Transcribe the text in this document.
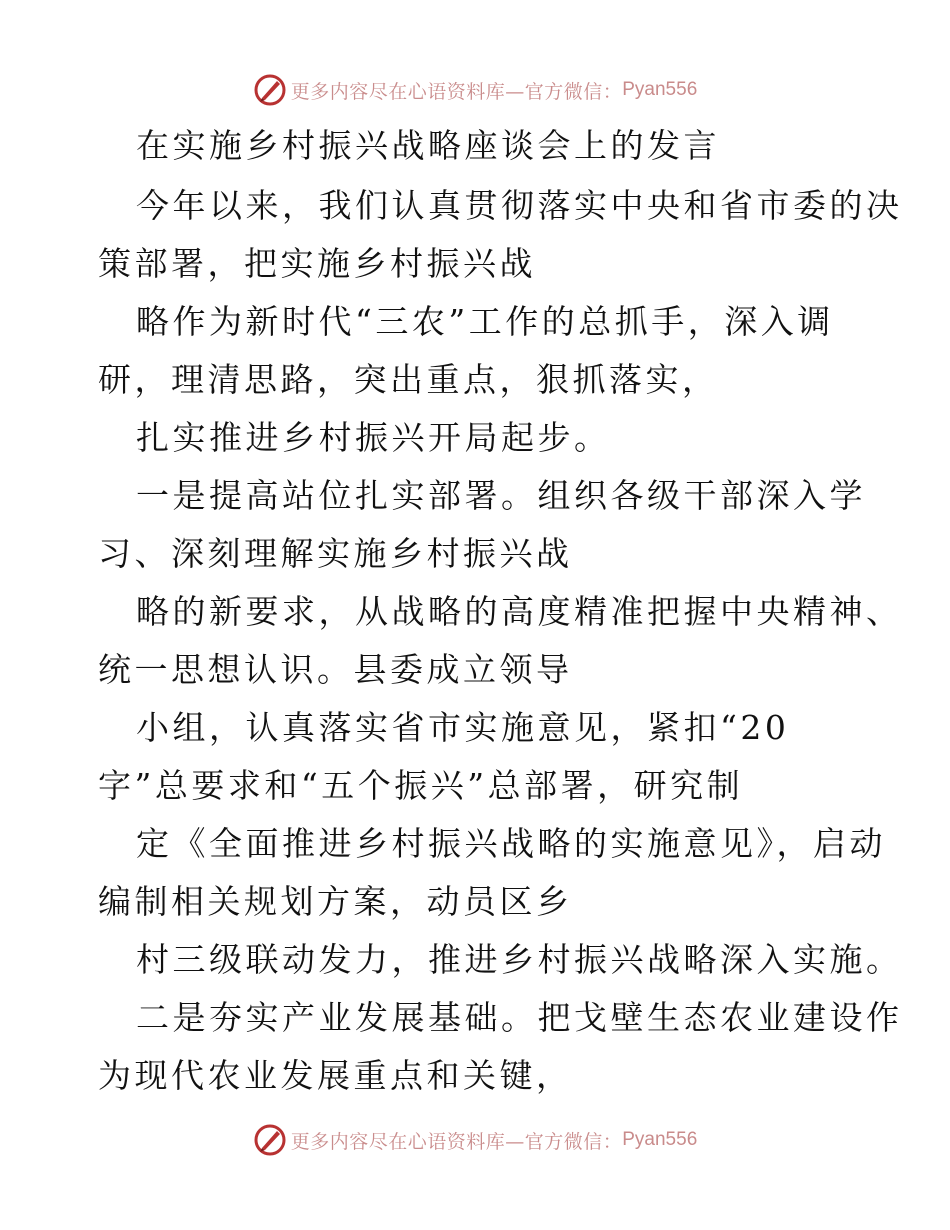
更多内容尽在心语资料库—官方微信： Pyan556
在实施乡村振兴战略座谈会上的发言
今年以来，我们认真贯彻落实中央和省市委的决
策部署，把实施乡村振兴战
略作为新时代“三农”工作的总抓手，深入调
研，理清思路，突出重点，狠抓落实，
扎实推进乡村振兴开局起步。
一是提高站位扎实部署。组织各级干部深入学
习、深刻理解实施乡村振兴战
略的新要求，从战略的高度精准把握中央精神、
统一思想认识。县委成立领导
小组，认真落实省市实施意见，紧扣“20
字”总要求和“五个振兴”总部署，研究制
定《全面推进乡村振兴战略的实施意见》，启动
编制相关规划方案，动员区乡
村三级联动发力，推进乡村振兴战略深入实施。
二是夯实产业发展基础。把戈壁生态农业建设作
为现代农业发展重点和关键，
更多内容尽在心语资料库—官方微信： Pyan556
